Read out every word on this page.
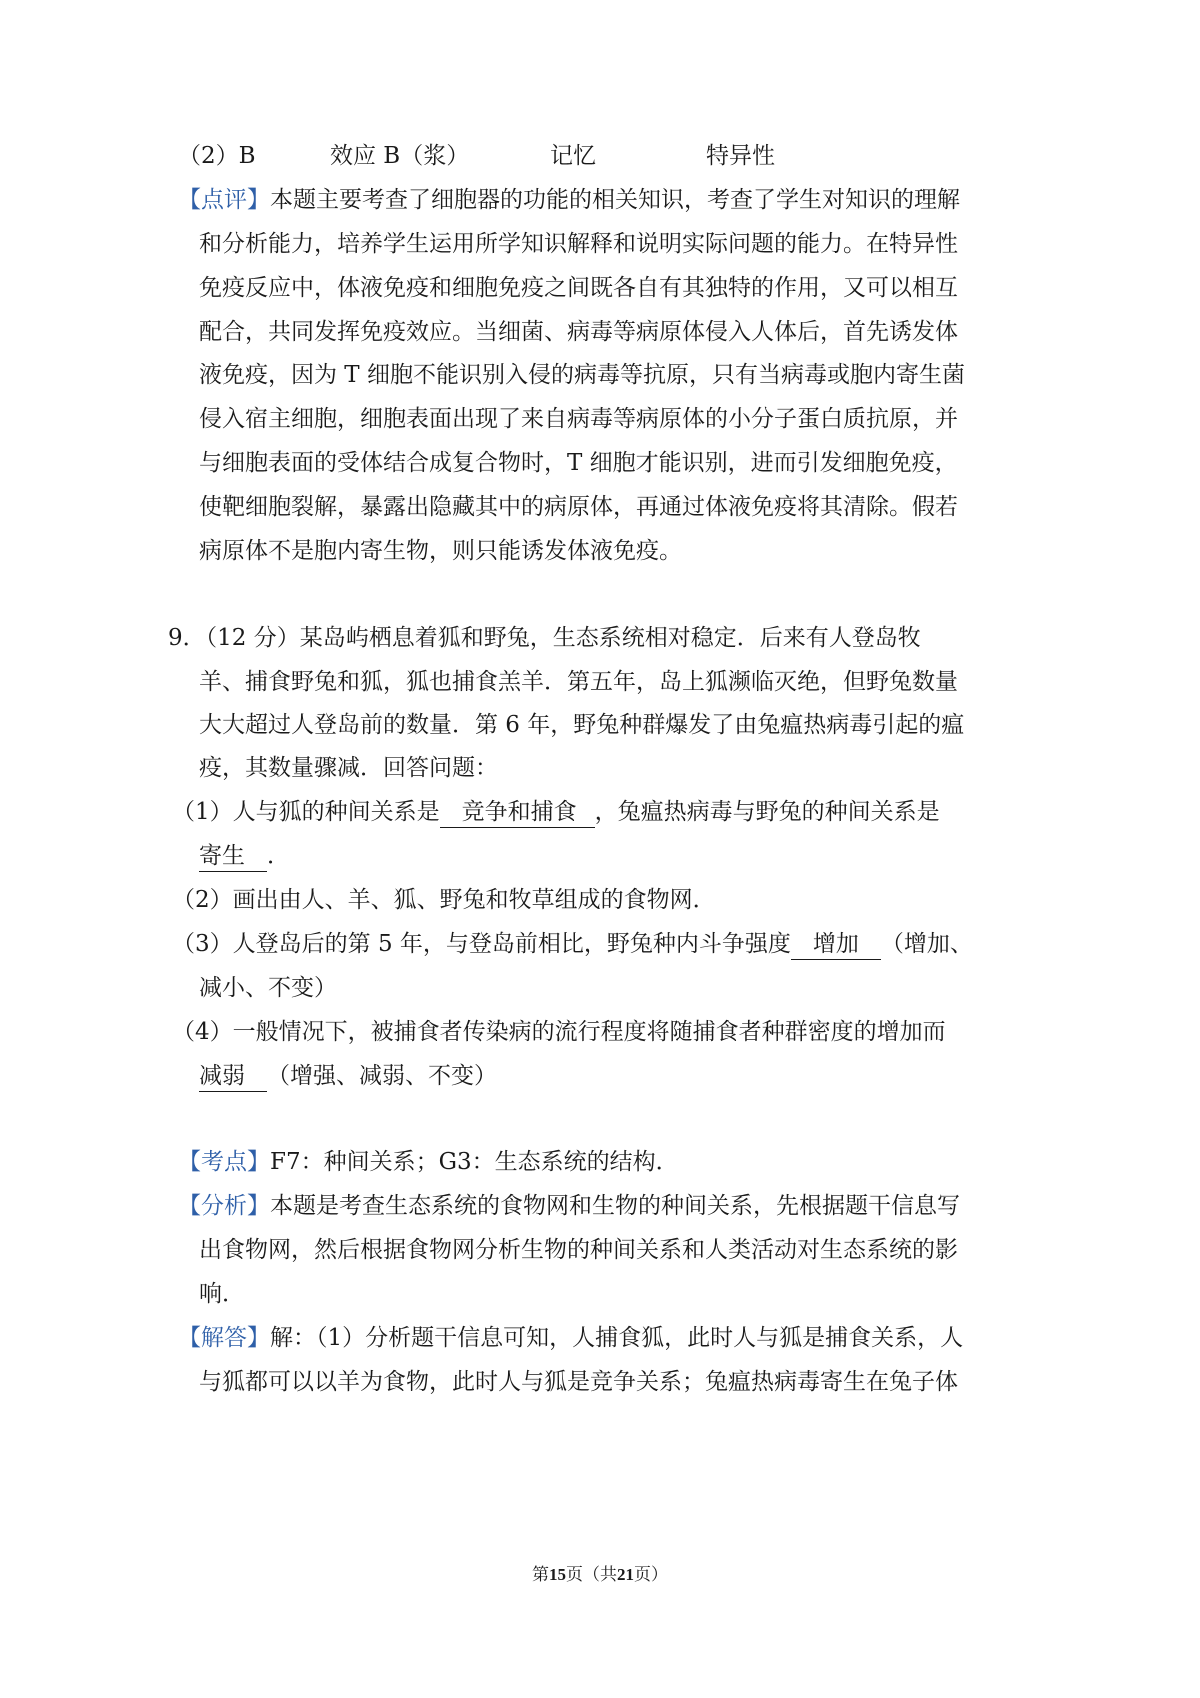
（2）B	效应 B（浆）	记忆	特异性
【点评】本题主要考查了细胞器的功能的相关知识，考查了学生对知识的理解
和分析能力，培养学生运用所学知识解释和说明实际问题的能力。在特异性
免疫反应中，体液免疫和细胞免疫之间既各自有其独特的作用，又可以相互
配合，共同发挥免疫效应。当细菌、病毒等病原体侵入人体后，首先诱发体
液免疫，因为 T 细胞不能识别入侵的病毒等抗原，只有当病毒或胞内寄生菌
侵入宿主细胞，细胞表面出现了来自病毒等病原体的小分子蛋白质抗原，并
与细胞表面的受体结合成复合物时，T 细胞才能识别，进而引发细胞免疫，
使靶细胞裂解，暴露出隐藏其中的病原体，再通过体液免疫将其清除。假若
病原体不是胞内寄生物，则只能诱发体液免疫。
9．（12 分）某岛屿栖息着狐和野兔，生态系统相对稳定．后来有人登岛牧
羊、捕食野兔和狐，狐也捕食羔羊．第五年，岛上狐濒临灭绝，但野兔数量
大大超过人登岛前的数量．第 6 年，野兔种群爆发了由兔瘟热病毒引起的瘟
疫，其数量骤减．回答问题：
（1）人与狐的种间关系是 竞争和捕食 ，兔瘟热病毒与野兔的种间关系是
寄生 ．
（2）画出由人、羊、狐、野兔和牧草组成的食物网．
（3）人登岛后的第 5 年，与登岛前相比，野兔种内斗争强度 增加 （增加、
减小、不变）
（4）一般情况下，被捕食者传染病的流行程度将随捕食者种群密度的增加而
减弱 （增强、减弱、不变）
【考点】F7：种间关系；G3：生态系统的结构．
【分析】本题是考查生态系统的食物网和生物的种间关系，先根据题干信息写
出食物网，然后根据食物网分析生物的种间关系和人类活动对生态系统的影
响．
【解答】解：（1）分析题干信息可知，人捕食狐，此时人与狐是捕食关系，人
与狐都可以以羊为食物，此时人与狐是竞争关系；兔瘟热病毒寄生在兔子体
第15页（共21页）
